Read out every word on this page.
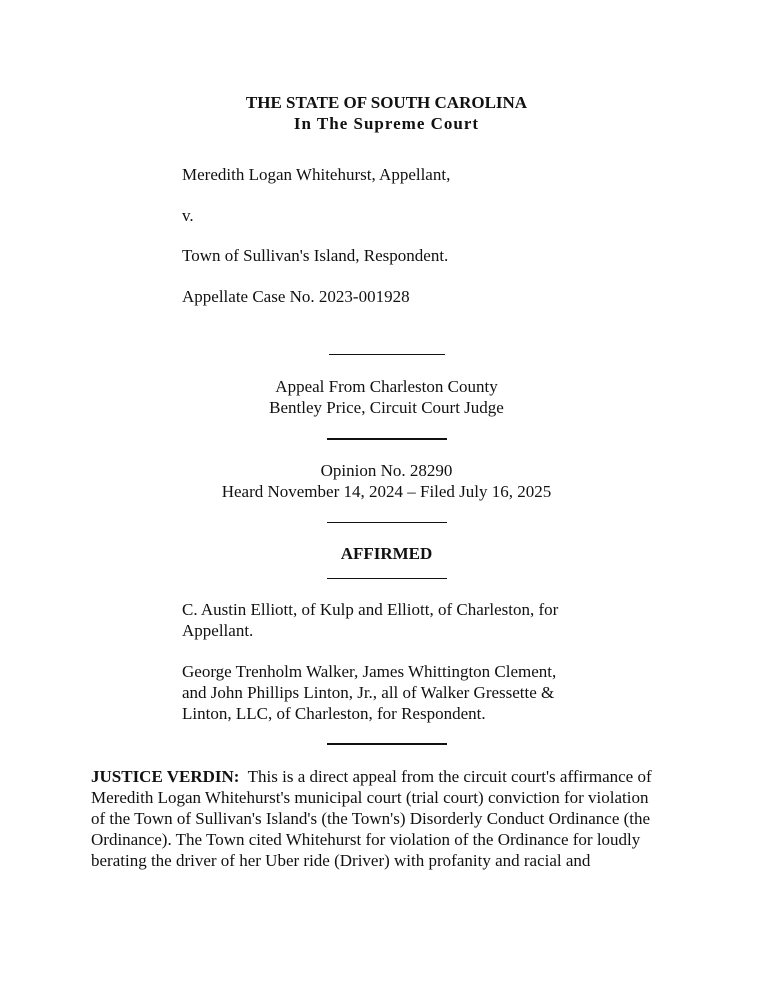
THE STATE OF SOUTH CAROLINA
In The Supreme Court
Meredith Logan Whitehurst, Appellant,
v.
Town of Sullivan's Island, Respondent.
Appellate Case No. 2023-001928
Appeal From Charleston County
Bentley Price, Circuit Court Judge
Opinion No. 28290
Heard November 14, 2024 – Filed July 16, 2025
AFFIRMED
C. Austin Elliott, of Kulp and Elliott, of Charleston, for
Appellant.
George Trenholm Walker, James Whittington Clement,
and John Phillips Linton, Jr., all of Walker Gressette &
Linton, LLC, of Charleston, for Respondent.
JUSTICE VERDIN:  This is a direct appeal from the circuit court's affirmance of
Meredith Logan Whitehurst's municipal court (trial court) conviction for violation
of the Town of Sullivan's Island's (the Town's) Disorderly Conduct Ordinance (the
Ordinance). The Town cited Whitehurst for violation of the Ordinance for loudly
berating the driver of her Uber ride (Driver) with profanity and racial and
